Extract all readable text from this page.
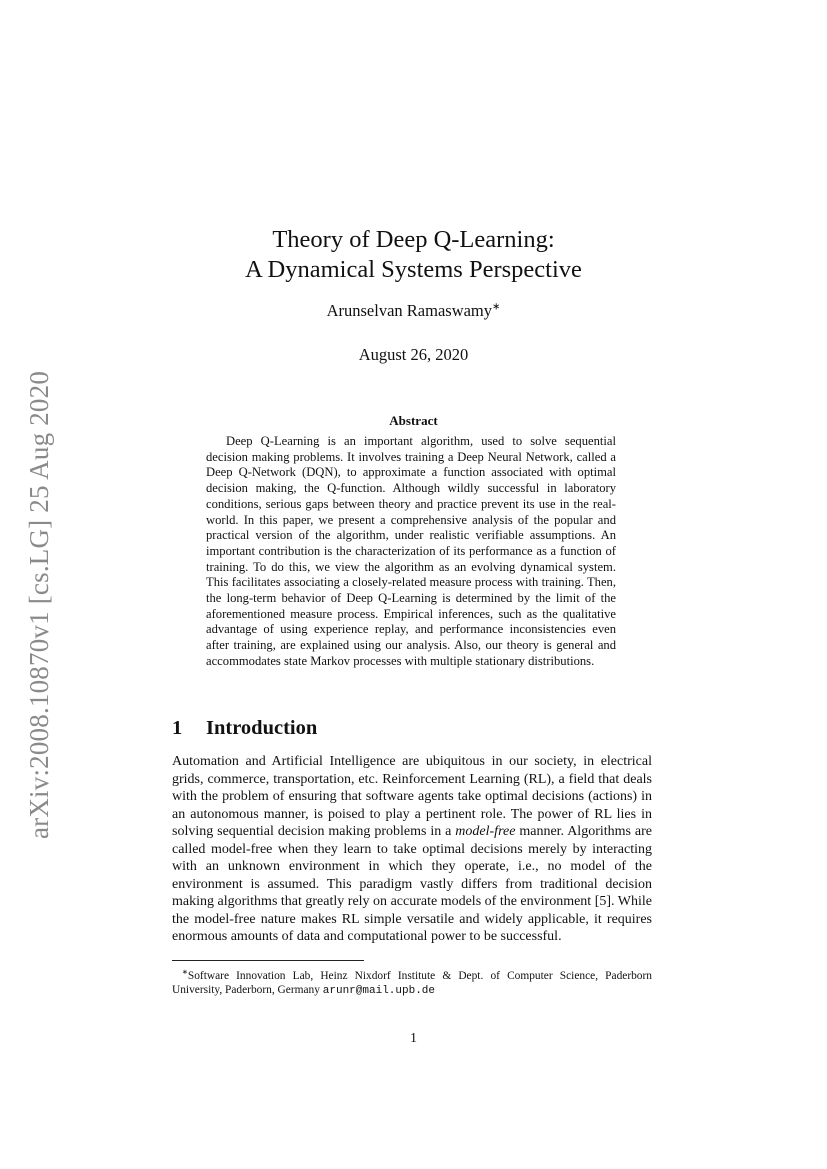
arXiv:2008.10870v1 [cs.LG] 25 Aug 2020
Theory of Deep Q-Learning:
A Dynamical Systems Perspective
Arunselvan Ramaswamy∗
August 26, 2020
Abstract
Deep Q-Learning is an important algorithm, used to solve sequential decision making problems. It involves training a Deep Neural Network, called a Deep Q-Network (DQN), to approximate a function associated with optimal decision making, the Q-function. Although wildly successful in laboratory conditions, serious gaps between theory and practice prevent its use in the real-world. In this paper, we present a comprehensive analysis of the popular and practical version of the algorithm, under realistic verifiable assumptions. An important contribution is the characterization of its performance as a function of training. To do this, we view the algorithm as an evolving dynamical system. This facilitates associating a closely-related measure process with training. Then, the long-term behavior of Deep Q-Learning is determined by the limit of the aforementioned measure process. Empirical inferences, such as the qualitative advantage of using experience replay, and performance inconsistencies even after training, are explained using our analysis. Also, our theory is general and accommodates state Markov processes with multiple stationary distributions.
1 Introduction
Automation and Artificial Intelligence are ubiquitous in our society, in electrical grids, commerce, transportation, etc. Reinforcement Learning (RL), a field that deals with the problem of ensuring that software agents take optimal decisions (actions) in an autonomous manner, is poised to play a pertinent role. The power of RL lies in solving sequential decision making problems in a model-free manner. Algorithms are called model-free when they learn to take optimal decisions merely by interacting with an unknown environment in which they operate, i.e., no model of the environment is assumed. This paradigm vastly differs from traditional decision making algorithms that greatly rely on accurate models of the environment [5]. While the model-free nature makes RL simple versatile and widely applicable, it requires enormous amounts of data and computational power to be successful.
∗Software Innovation Lab, Heinz Nixdorf Institute & Dept. of Computer Science, Paderborn University, Paderborn, Germany arunr@mail.upb.de
1
